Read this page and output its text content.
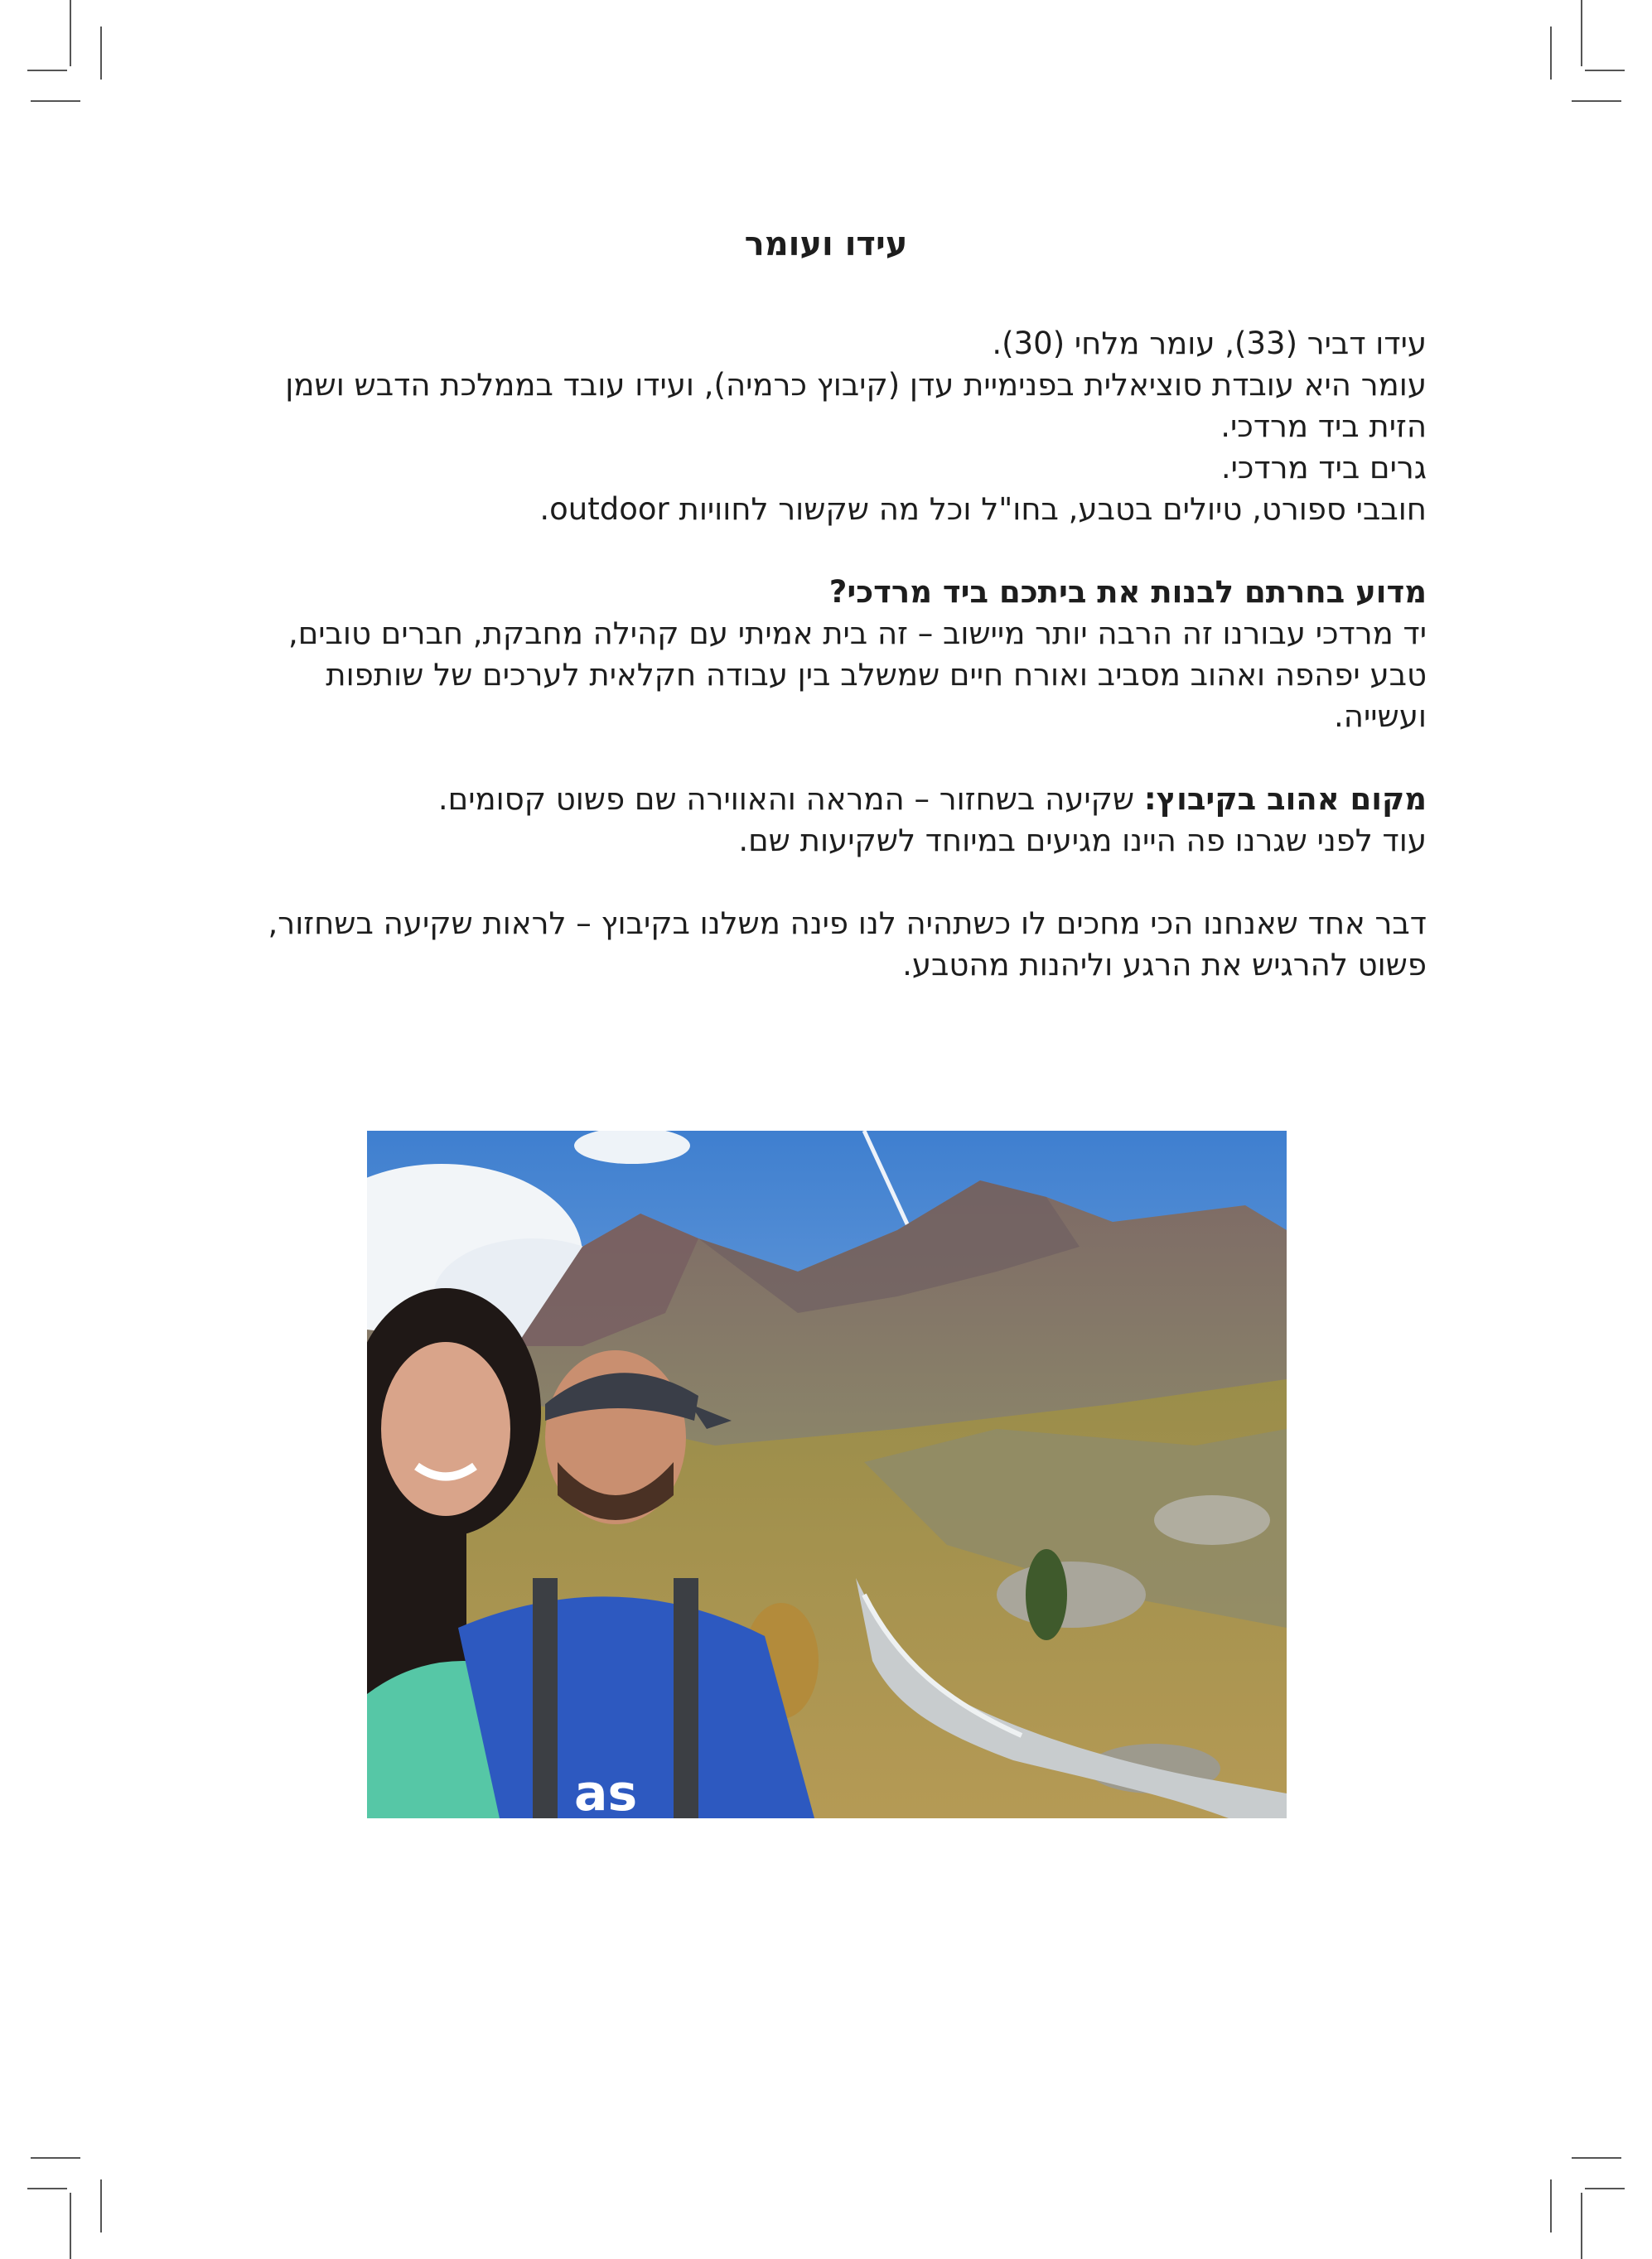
עידו ועומר

עידו דביר (33), עומר מלחי (30).

עומר היא עובדת סוציאלית בפנימיית עדן (קיבוץ כרמיה), ועידו עובד בממלכת הדבש ושמן הזית ביד מרדכי.

גרים ביד מרדכי.

חובבי ספורט, טיולים בטבע, בחו"ל וכל מה שקשור לחוויות outdoor.

מדוע בחרתם לבנות את ביתכם ביד מרדכי?

יד מרדכי עבורנו זה הרבה יותר מיישוב – זה בית אמיתי עם קהילה מחבקת, חברים טובים, טבע יפהפה ואהוב מסביב ואורח חיים שמשלב בין עבודה חקלאית לערכים של שותפות ועשייה.

מקום אהוב בקיבוץ: שקיעה בשחזור – המראה והאווירה שם פשוט קסומים.

עוד לפני שגרנו פה היינו מגיעים במיוחד לשקיעות שם.

דבר אחד שאנחנו הכי מחכים לו כשתהיה לנו פינה משלנו בקיבוץ – לראות שקיעה בשחזור, פשוט להרגיש את הרגע וליהנות מהטבע.

as
